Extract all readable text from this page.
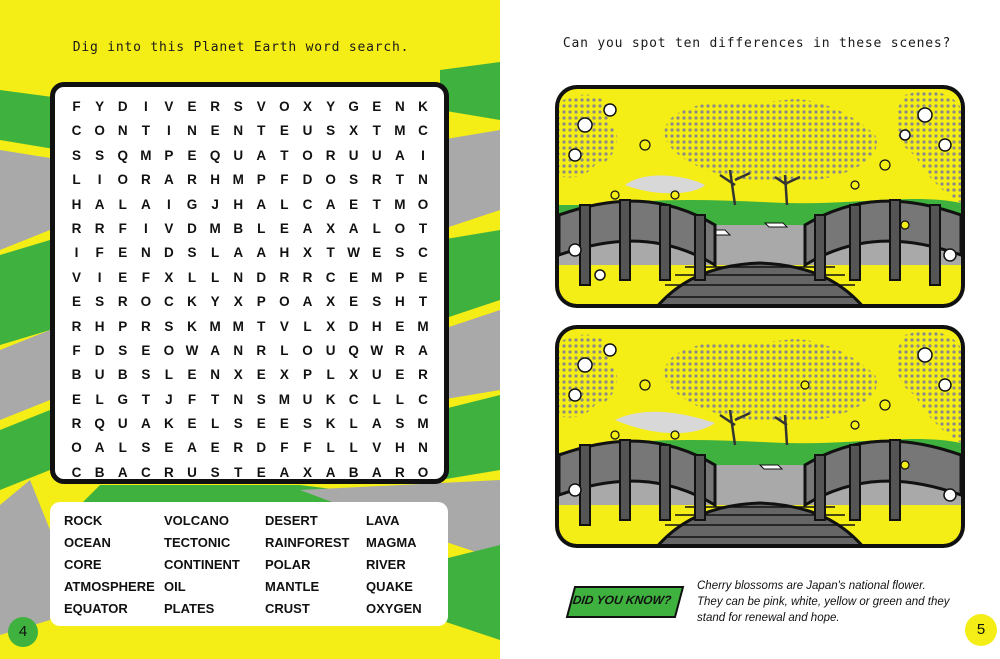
Dig into this Planet Earth word search.
F	Y	D	I	V	E	R	S	V O X	Y G E	N K
C O N	T	I	N	E	N	T	E	U	S	X	T M C
S	S Q M P	E Q U A	T	O R U U A	I
L	I	O R A R H M P	F	D O S	R	T	N
H A	L	A	I	G	J	H A	L	C A	E	T M O
R R	F	I	V	D M B	L	E	A	X	A	L	O	T
I	F	E	N D	S	L	A A H	X	T W E	S	C
V	I	E	F	X	L	L	N D R R C	E M P	E
E	S	R O C K	Y	X	P O A	X	E	S	H	T
R H	P	R	S	K M M T	V	L	X	D H	E M
F	D	S	E O W A N R	L	O U Q W R A
B U B	S	L	E	N	X	E	X	P	L	X	U	E	R
E	L	G	T	J	F	T	N	S M U K C	L	L	C
R Q U A K	E	L	S	E	E	S	K	L	A	S M
O A	L	S	E	A	E	R D	F	F	L	L	V	H N
C B A C R U	S	T	E	A	X	A B A R O
ROCK	VOLCANO	DESERT	LAVA
OCEAN	TECTONIC	RAINFOREST	MAGMA
CORE	CONTINENT	POLAR	RIVER
ATMOSPHERE OIL	MANTLE	QUAKE
EQUATOR	PLATES	CRUST	OXYGEN
4
Can you spot ten differences in these scenes?
DID YOU KNOW?

Cherry blossoms are Japan's national flower.

They can be pink, white, yellow or green and they

stand for renewal and hope.

5
